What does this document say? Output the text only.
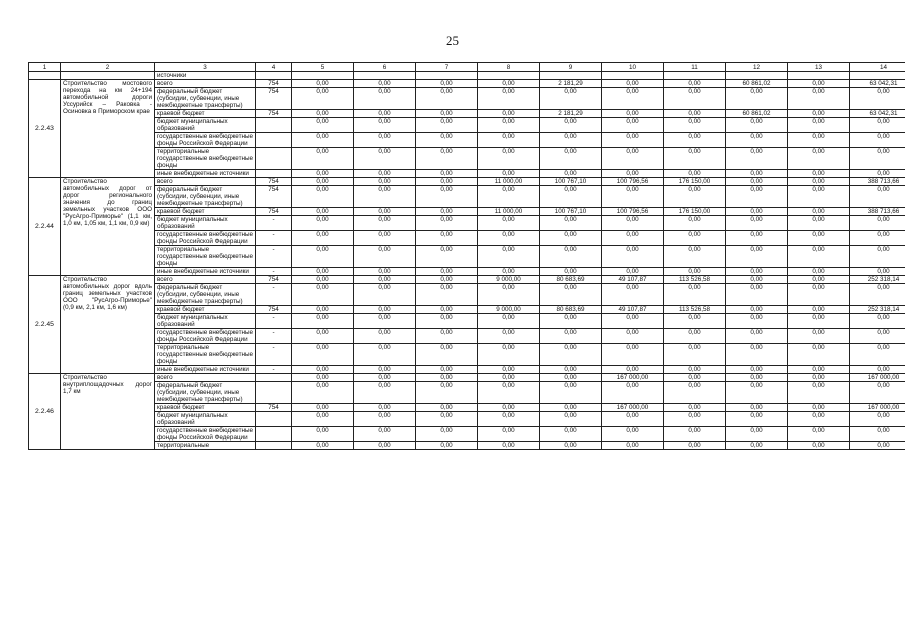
25
1	2	3	4	5	6	7	8	9	10	11	12	13	14
		источники											
2.2.43	Строительство мостового перехода на км 24+194 автомобильной дороги Уссурийск – Раковка - Осиновка в Приморском крае	всего	754	0,00	0,00	0,00	0,00	2 181,29	0,00	0,00	60 861,02	0,00	63 042,31
		федеральный бюджет (субсидии, субвенции, иные межбюджетные трансферты)	754	0,00	0,00	0,00	0,00	0,00	0,00	0,00	0,00	0,00	0,00
		краевой бюджет	754	0,00	0,00	0,00	0,00	2 181,29	0,00	0,00	60 861,02	0,00	63 042,31
		бюджет муниципальных образований		0,00	0,00	0,00	0,00	0,00	0,00	0,00	0,00	0,00	0,00
		государственные внебюджетные фонды Российской Федерации		0,00	0,00	0,00	0,00	0,00	0,00	0,00	0,00	0,00	0,00
		территориальные государственные внебюджетные фонды		0,00	0,00	0,00	0,00	0,00	0,00	0,00	0,00	0,00	0,00
		иные внебюджетные источники		0,00	0,00	0,00	0,00	0,00	0,00	0,00	0,00	0,00	0,00
2.2.44	Строительство автомобильных дорог от дорог регионального значения до границ земельных участков ООО "РусАгро-Приморье" (1,1 км, 1,0 км, 1,05 км, 1,1 км, 0,9 км)	всего	754	0,00	0,00	0,00	11 000,00	100 767,10	100 796,56	176 150,00	0,00	0,00	388 713,66
		федеральный бюджет (субсидии, субвенции, иные межбюджетные трансферты)	754	0,00	0,00	0,00	0,00	0,00	0,00	0,00	0,00	0,00	0,00
		краевой бюджет	754	0,00	0,00	0,00	11 000,00	100 767,10	100 796,56	176 150,00	0,00	0,00	388 713,66
		бюджет муниципальных образований	-	0,00	0,00	0,00	0,00	0,00	0,00	0,00	0,00	0,00	0,00
		государственные внебюджетные фонды Российской Федерации	-	0,00	0,00	0,00	0,00	0,00	0,00	0,00	0,00	0,00	0,00
		территориальные государственные внебюджетные фонды	-	0,00	0,00	0,00	0,00	0,00	0,00	0,00	0,00	0,00	0,00
		иные внебюджетные источники	-	0,00	0,00	0,00	0,00	0,00	0,00	0,00	0,00	0,00	0,00
2.2.45	Строительство автомобильных дорог вдоль границ земельных участков ООО "РусАгро-Приморье" (0,9 км, 2,1 км, 1,6 км)	всего	754	0,00	0,00	0,00	9 000,00	80 683,69	49 107,87	113 526,58	0,00	0,00	252 318,14
		федеральный бюджет (субсидии, субвенции, иные межбюджетные трансферты)	-	0,00	0,00	0,00	0,00	0,00	0,00	0,00	0,00	0,00	0,00
		краевой бюджет	754	0,00	0,00	0,00	9 000,00	80 683,69	49 107,87	113 526,58	0,00	0,00	252 318,14
		бюджет муниципальных образований	-	0,00	0,00	0,00	0,00	0,00	0,00	0,00	0,00	0,00	0,00
		государственные внебюджетные фонды Российской Федерации	-	0,00	0,00	0,00	0,00	0,00	0,00	0,00	0,00	0,00	0,00
		территориальные государственные внебюджетные фонды	-	0,00	0,00	0,00	0,00	0,00	0,00	0,00	0,00	0,00	0,00
		иные внебюджетные источники	-	0,00	0,00	0,00	0,00	0,00	0,00	0,00	0,00	0,00	0,00
2.2.46	Строительство внутриплощадочных дорог 1,7 км	всего		0,00	0,00	0,00	0,00	0,00	167 000,00	0,00	0,00	0,00	167 000,00
		федеральный бюджет (субсидии, субвенции, иные межбюджетные трансферты)		0,00	0,00	0,00	0,00	0,00	0,00	0,00	0,00	0,00	0,00
		краевой бюджет	754	0,00	0,00	0,00	0,00	0,00	167 000,00	0,00	0,00	0,00	167 000,00
		бюджет муниципальных образований		0,00	0,00	0,00	0,00	0,00	0,00	0,00	0,00	0,00	0,00
		государственные внебюджетные фонды Российской Федерации		0,00	0,00	0,00	0,00	0,00	0,00	0,00	0,00	0,00	0,00
		территориальные		0,00	0,00	0,00	0,00	0,00	0,00	0,00	0,00	0,00	0,00
